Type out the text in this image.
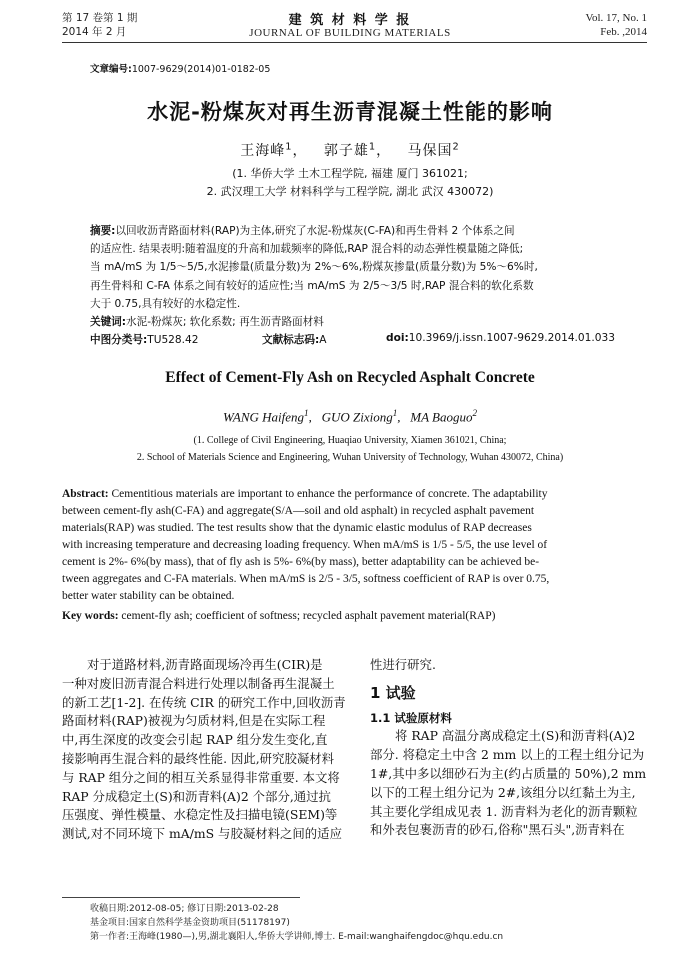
第 17 卷第 1 期
2014 年 2 月
建 筑 材 料 学 报
JOURNAL OF BUILDING MATERIALS
Vol. 17, No. 1
Feb. ,2014
文章编号:1007-9629(2014)01-0182-05
水泥-粉煤灰对再生沥青混凝土性能的影响
王海峰$^1$， 郭子雄$^1$， 马保国$^2$
(1. 华侨大学 土木工程学院, 福建 厦门 361021;
2. 武汉理工大学 材料科学与工程学院, 湖北 武汉 430072)
摘要:以回收沥青路面材料(RAP)为主体,研究了水泥-粉煤灰(C-FA)和再生骨料 2 个体系之间
的适应性. 结果表明:随着温度的升高和加载频率的降低,RAP 混合料的动态弹性模量随之降低;
当 mA/mS 为 1/5～5/5,水泥掺量(质量分数)为 2%～6%,粉煤灰掺量(质量分数)为 5%～6%时,
再生骨料和 C-FA 体系之间有较好的适应性;当 mA/mS 为 2/5～3/5 时,RAP 混合料的软化系数
大于 0.75,具有较好的水稳定性.
关键词:水泥-粉煤灰; 软化系数; 再生沥青路面材料
中图分类号:TU528.42	文献标志码:A	doi:10.3969/j.issn.1007-9629.2014.01.033
Effect of Cement-Fly Ash on Recycled Asphalt Concrete
WANG Haifeng$^1$,   GUO Zixiong$^1$,   MA Baoguo$^2$
(1. College of Civil Engineering, Huaqiao University, Xiamen 361021, China;
2. School of Materials Science and Engineering, Wuhan University of Technology, Wuhan 430072, China)
Abstract: Cementitious materials are important to enhance the performance of concrete. The adaptability
between cement-fly ash(C-FA) and aggregate(S/A—soil and old asphalt) in recycled asphalt pavement
materials(RAP) was studied. The test results show that the dynamic elastic modulus of RAP decreases
with increasing temperature and decreasing loading frequency. When mA/mS is 1/5 - 5/5, the use level of
cement is 2%- 6%(by mass), that of fly ash is 5%- 6%(by mass), better adaptability can be achieved be-
tween aggregates and C-FA materials. When mA/mS is 2/5 - 3/5, softness coefficient of RAP is over 0.75,
better water stability can be obtained.
Key words: cement-fly ash; coefficient of softness; recycled asphalt pavement material(RAP)
对于道路材料,沥青路面现场冷再生(CIR)是
一种对废旧沥青混合料进行处理以制备再生混凝土
的新工艺[1-2]. 在传统 CIR 的研究工作中,回收沥青
路面材料(RAP)被视为匀质材料,但是在实际工程
中,再生深度的改变会引起 RAP 组分发生变化,直
接影响再生混合料的最终性能. 因此,研究胶凝材料
与 RAP 组分之间的相互关系显得非常重要. 本文将
RAP 分成稳定土(S)和沥青料(A)2 个部分,通过抗
压强度、弹性模量、水稳定性及扫描电镜(SEM)等
测试,对不同环境下 mA/mS 与胶凝材料之间的适应
性进行研究.
1 试验
1.1 试验原材料
将 RAP 高温分离成稳定土(S)和沥青料(A)2
部分. 将稳定土中含 2 mm 以上的工程土组分记为
1#,其中多以细砂石为主(约占质量的 50%),2 mm
以下的工程土组分记为 2#,该组分以红黏土为主,
其主要化学组成见表 1. 沥青料为老化的沥青颗粒
和外表包裹沥青的砂石,俗称"黑石头",沥青料在
收稿日期:2012-08-05; 修订日期:2013-02-28
基金项目:国家自然科学基金资助项目(51178197)
第一作者:王海峰(1980—),男,湖北襄阳人,华侨大学讲师,博士. E-mail:wanghaifengdoc@hqu.edu.cn
